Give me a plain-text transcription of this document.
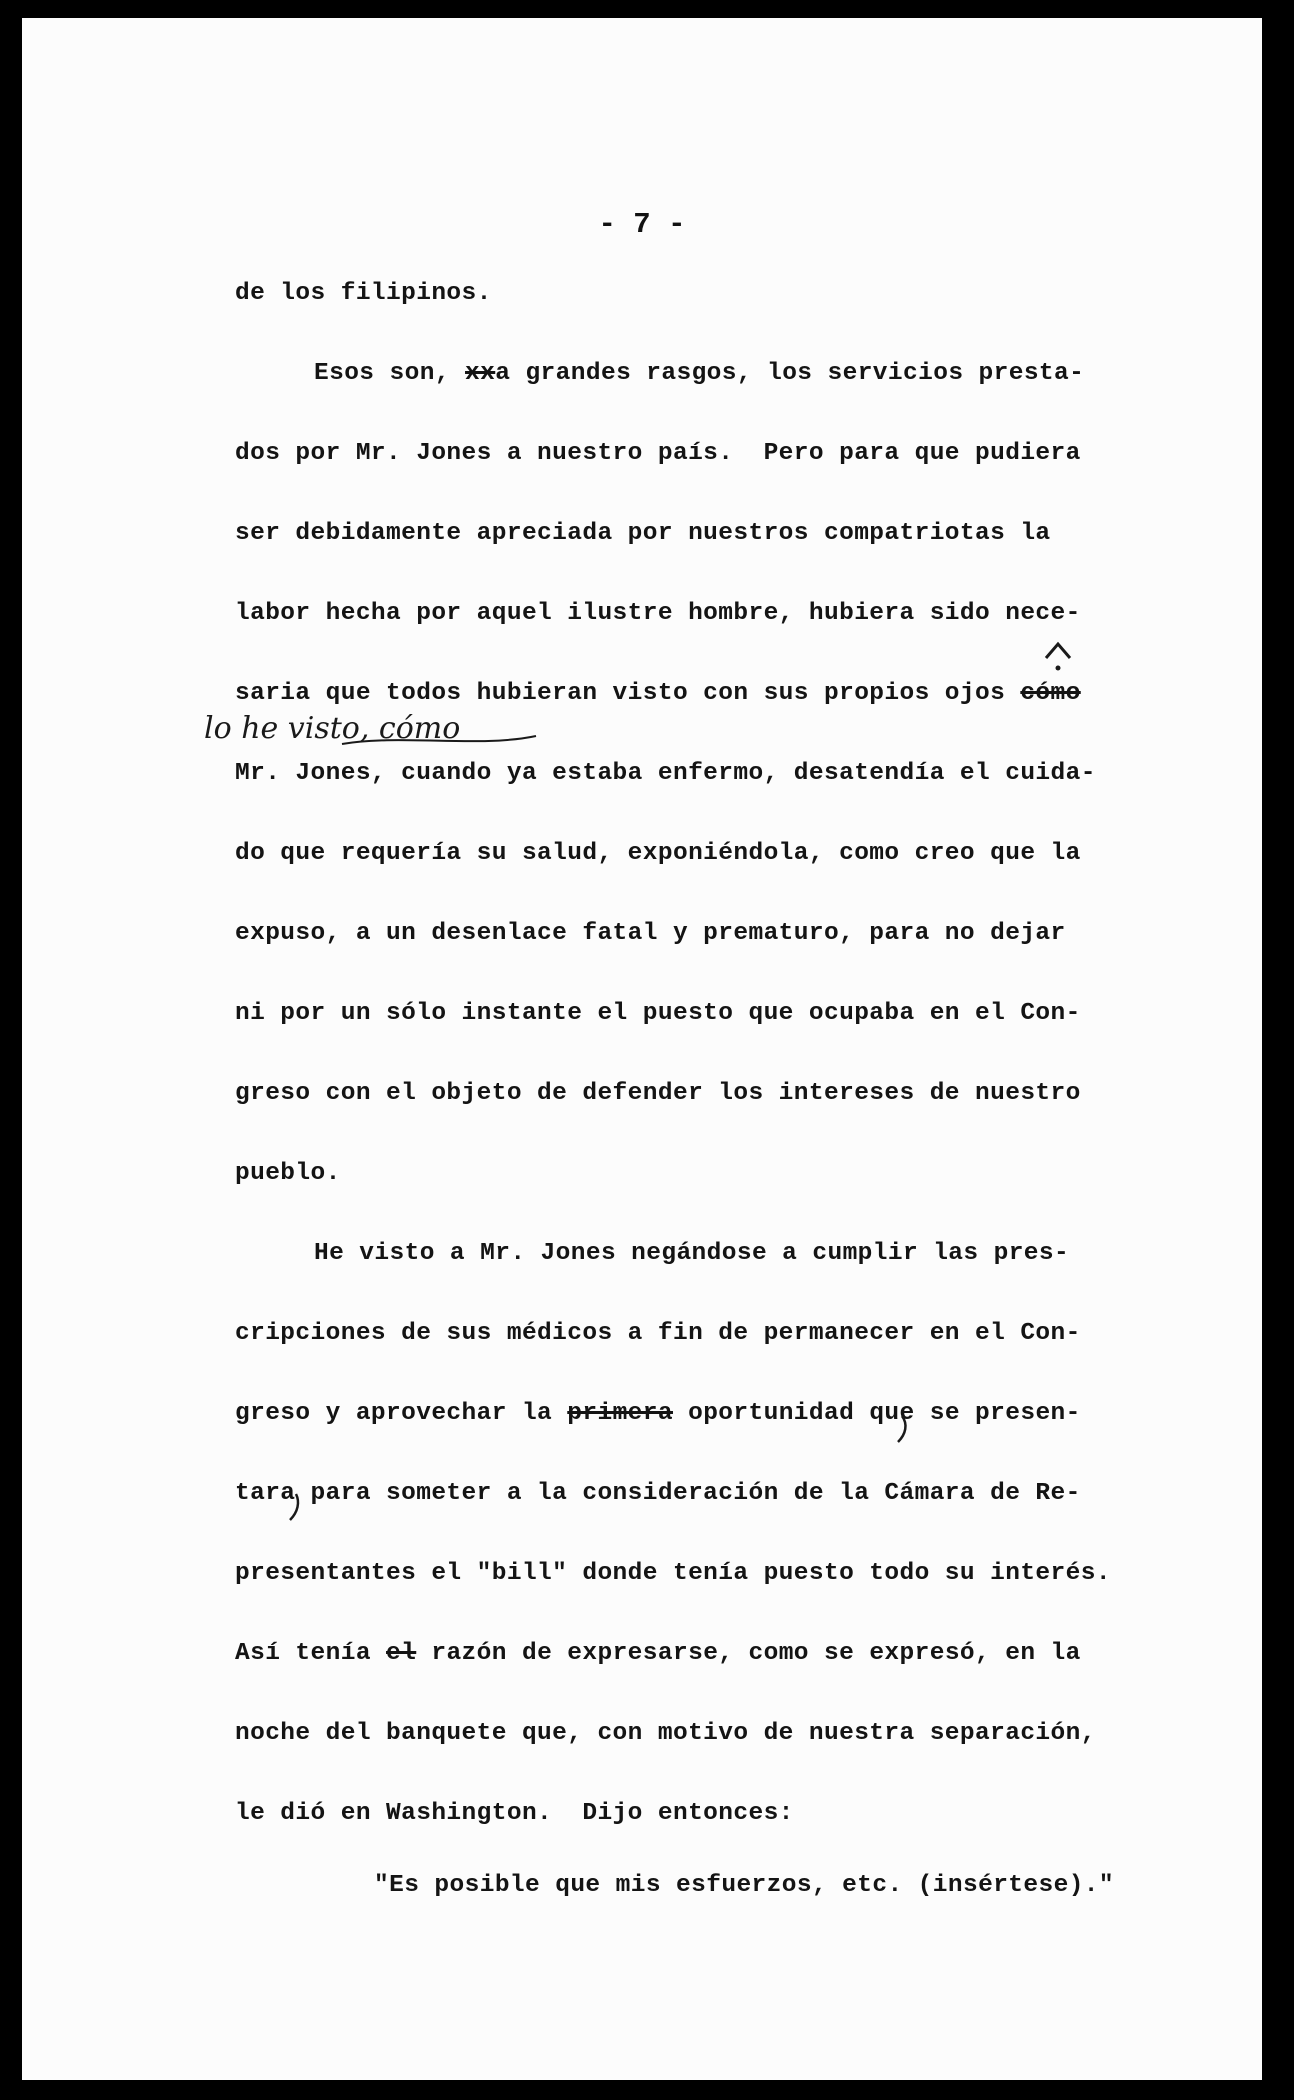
- 7 -
de los filipinos.
Esos son, xxa grandes rasgos, los servicios presta-
dos por Mr. Jones a nuestro país.  Pero para que pudiera
ser debidamente apreciada por nuestros compatriotas la
labor hecha por aquel ilustre hombre, hubiera sido nece-
saria que todos hubieran visto con sus propios ojos cómo
lo he visto, cómo
Mr. Jones, cuando ya estaba enfermo, desatendía el cuida-
do que requería su salud, exponiéndola, como creo que la
expuso, a un desenlace fatal y prematuro, para no dejar
ni por un sólo instante el puesto que ocupaba en el Con-
greso con el objeto de defender los intereses de nuestro
pueblo.
He visto a Mr. Jones negándose a cumplir las pres-
cripciones de sus médicos a fin de permanecer en el Con-
greso y aprovechar la primera oportunidad que se presen-
tara para someter a la consideración de la Cámara de Re-
presentantes el "bill" donde tenía puesto todo su interés.
Así tenía el razón de expresarse, como se expresó, en la
noche del banquete que, con motivo de nuestra separación,
le dió en Washington.  Dijo entonces:
"Es posible que mis esfuerzos, etc. (insértese)."
